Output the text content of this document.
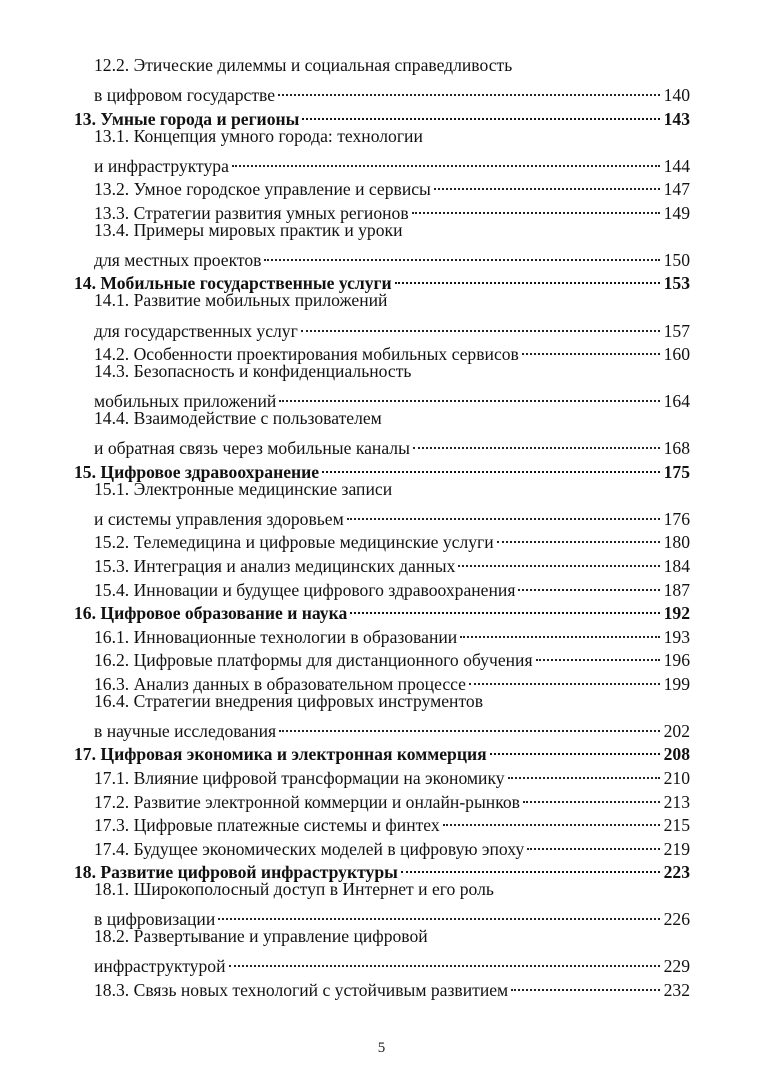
12.2. Этические дилеммы и социальная справедливость
в цифровом государстве	140
13. Умные города и регионы	143
13.1. Концепция умного города: технологии
и инфраструктура	144
13.2. Умное городское управление и сервисы	147
13.3. Стратегии развития умных регионов	149
13.4. Примеры мировых практик и уроки
для местных проектов	150
14. Мобильные государственные услуги	153
14.1. Развитие мобильных приложений
для государственных услуг	157
14.2. Особенности проектирования мобильных сервисов	160
14.3. Безопасность и конфиденциальность
мобильных приложений	164
14.4. Взаимодействие с пользователем
и обратная связь через мобильные каналы	168
15. Цифровое здравоохранение	175
15.1. Электронные медицинские записи
и системы управления здоровьем	176
15.2. Телемедицина и цифровые медицинские услуги	180
15.3. Интеграция и анализ медицинских данных	184
15.4. Инновации и будущее цифрового здравоохранения	187
16. Цифровое образование и наука	192
16.1. Инновационные технологии в образовании	193
16.2. Цифровые платформы для дистанционного обучения	196
16.3. Анализ данных в образовательном процессе	199
16.4. Стратегии внедрения цифровых инструментов
в научные исследования	202
17. Цифровая экономика и электронная коммерция	208
17.1. Влияние цифровой трансформации на экономику	210
17.2. Развитие электронной коммерции и онлайн-рынков	213
17.3. Цифровые платежные системы и финтех	215
17.4. Будущее экономических моделей в цифровую эпоху	219
18. Развитие цифровой инфраструктуры	223
18.1. Широкополосный доступ в Интернет и его роль
в цифровизации	226
18.2. Развертывание и управление цифровой
инфраструктурой	229
18.3. Связь новых технологий с устойчивым развитием	232
5
